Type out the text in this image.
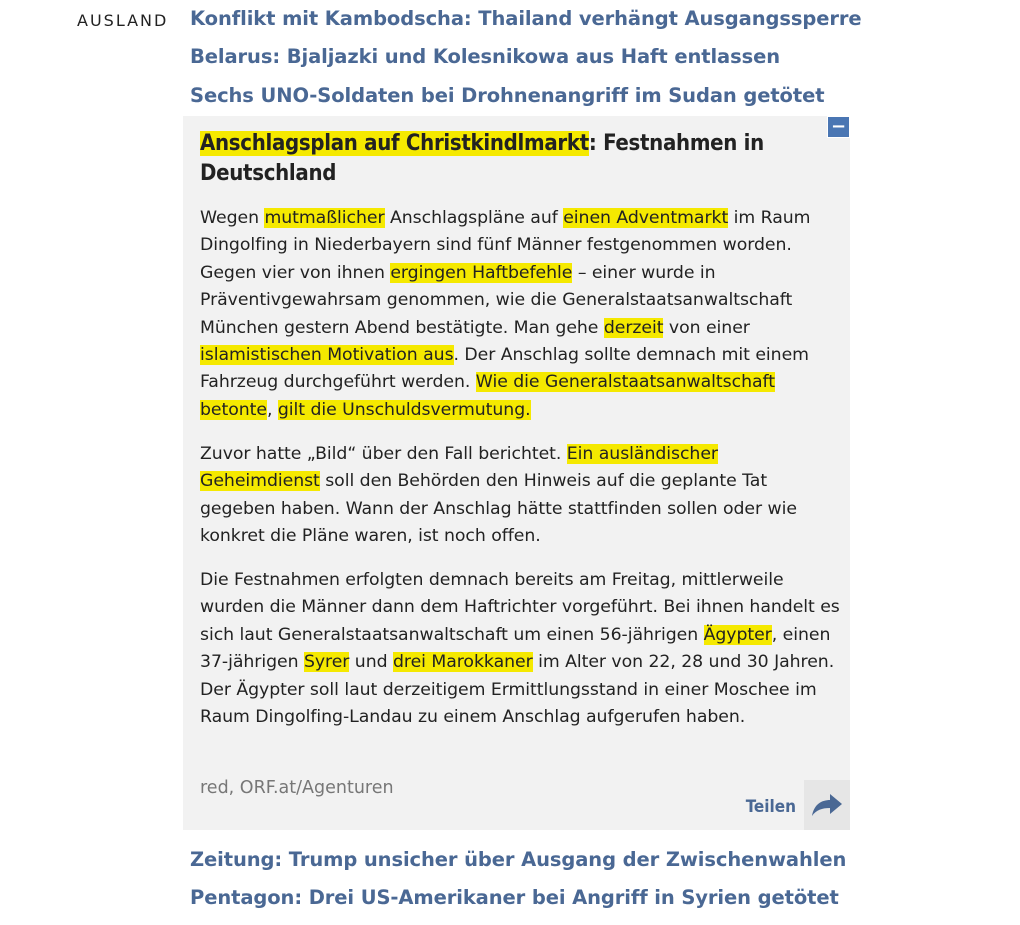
AUSLAND Konflikt mit Kambodscha: Thailand verhängt Ausgangssperre
Belarus: Bjaljazki und Kolesnikowa aus Haft entlassen
Sechs UNO-Soldaten bei Drohnenangriff im Sudan getötet
−
Anschlagsplan auf Christkindlmarkt: Festnahmen in Deutschland

Wegen mutmaßlicher Anschlagspläne auf einen Adventmarkt im Raum Dingolfing in Niederbayern sind fünf Männer festgenommen worden. Gegen vier von ihnen ergingen Haftbefehle – einer wurde in Präventivgewahrsam genommen, wie die Generalstaatsanwaltschaft München gestern Abend bestätigte. Man gehe derzeit von einer islamistischen Motivation aus. Der Anschlag sollte demnach mit einem Fahrzeug durchgeführt werden. Wie die Generalstaatsanwaltschaft betonte, gilt die Unschuldsvermutung.

Zuvor hatte „Bild“ über den Fall berichtet. Ein ausländischer Geheimdienst soll den Behörden den Hinweis auf die geplante Tat gegeben haben. Wann der Anschlag hätte stattfinden sollen oder wie konkret die Pläne waren, ist noch offen.

Die Festnahmen erfolgten demnach bereits am Freitag, mittlerweile wurden die Männer dann dem Haftrichter vorgeführt. Bei ihnen handelt es sich laut Generalstaatsanwaltschaft um einen 56-jährigen Ägypter, einen 37-jährigen Syrer und drei Marokkaner im Alter von 22, 28 und 30 Jahren. Der Ägypter soll laut derzeitigem Ermittlungsstand in einer Moschee im Raum Dingolfing-Landau zu einem Anschlag aufgerufen haben.

red, ORF.at/Agenturen
Teilen
Zeitung: Trump unsicher über Ausgang der Zwischenwahlen
Pentagon: Drei US-Amerikaner bei Angriff in Syrien getötet
